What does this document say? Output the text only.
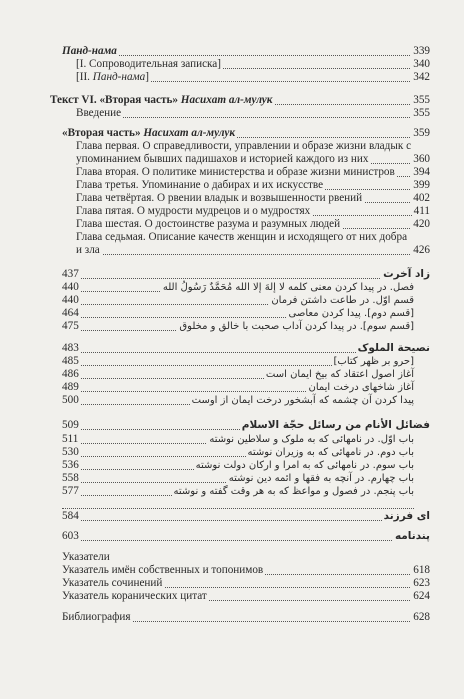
Панд-нама	339
[I. Сопроводительная записка]	340
[II. Панд-нама]	342
Текст VI. «Вторая часть» Насихат ал-мулук	355
Введение	355
«Вторая часть» Насихат ал-мулук	359
Глава первая. О справедливости, управлении и образе жизни владык с
упоминанием бывших падишахов и историей каждого из них	360
Глава вторая. О политике министерства и образе жизни министров 394
Глава третья. Упоминание о дабирах и их искусстве	399
Глава четвёртая. О рвении владык и возвышенности рвений	402
Глава пятая. О мудрости мудрецов и о мудростях	411
Глава шестая. О достоинстве разума и разумных людей	420
Глава седьмая. Описание качеств женщин и исходящего от них добра
и зла	426
437	زاد آخرت
440	فصل. در پیدا کردن معنی کلمه لا إلهَ إلا الله مُحَمَّدٌ رَسُولُ الله
440	قسم اوّل. در طاعت داشتن فرمان
464	[قسم دوم]. پیدا کردن معاصی
475	[قسم سوم]. در پیدا کردن آداب صحبت با خالق و مخلوق
483	نصیحة الملوک
485	[حرو بر ظهر کتاب]
486	آغاز اصول اعتقاد که بیخ ایمان است
489	آغاز شاخهای درخت ایمان
500	پیدا کردن آن چشمه که آبشخور درخت ایمان از اوست
509	فضائل الأنام من رسائل حجّة الاسلام
511	باب اوّل. در نامهائی که به ملوک و سلاطین نوشته
530	باب دوم. در نامهائی که به وزیران نوشته
536	باب سوم. در نامهائی که به امرا و ارکان دولت نوشته
558	باب چهارم. در آنچه به فقها و ائمه دین نوشته
577	باب پنجم. در فصول و مواعظ که به هر وقت گفته و نوشته
584	ای فرزند
603	پندنامه
Указатели
Указатель имён собственных и топонимов	618
Указатель сочинений	623
Указатель коранических цитат	624
Библиография	628
